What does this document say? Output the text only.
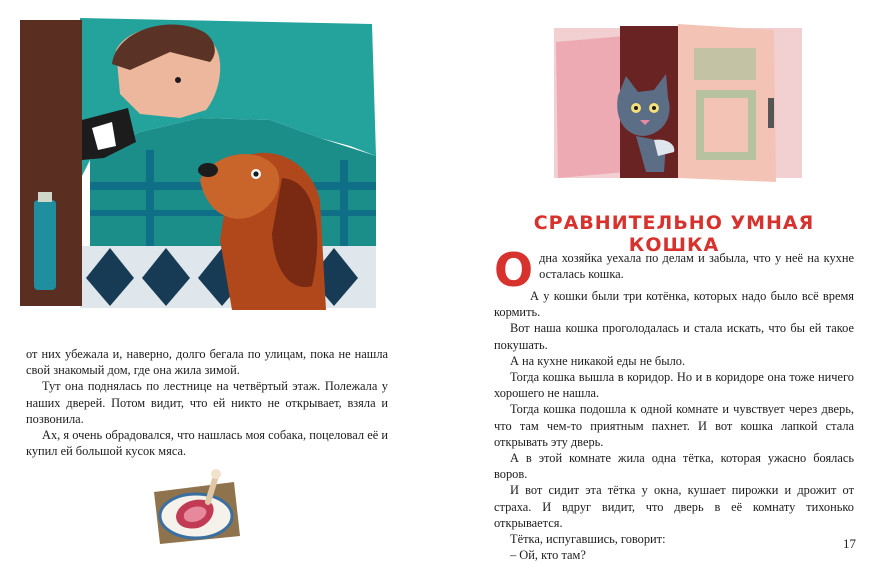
от них убежала и, наверно, долго бегала по улицам, пока не нашла свой знакомый дом, где она жила зимой.

Тут она поднялась по лестнице на четвёртый этаж. Полежала у наших дверей. Потом видит, что ей никто не открывает, взяла и позвонила.

Ах, я очень обрадовался, что нашлась моя собака, поцеловал её и купил ей большой кусок мяса.

СРАВНИТЕЛЬНО УМНАЯ КОШКА

Одна хозяйка уехала по делам и забыла, что у неё на кухне осталась кошка.

А у кошки были три котёнка, которых надо было всё время кормить.

Вот наша кошка проголодалась и стала искать, что бы ей такое покушать.

А на кухне никакой еды не было.

Тогда кошка вышла в коридор. Но и в коридоре она тоже ничего хорошего не нашла.

Тогда кошка подошла к одной комнате и чувствует через дверь, что там чем-то приятным пахнет. И вот кошка лапкой стала открывать эту дверь.

А в этой комнате жила одна тётка, которая ужасно боялась воров.

И вот сидит эта тётка у окна, кушает пирожки и дрожит от страха. И вдруг видит, что дверь в её комнату тихонько открывается.

Тётка, испугавшись, говорит:

– Ой, кто там?

17
